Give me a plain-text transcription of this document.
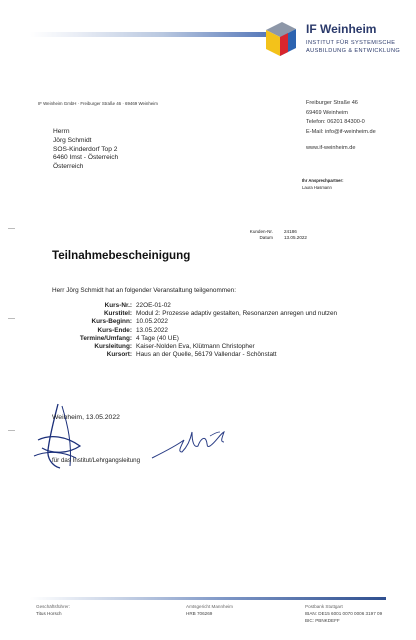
IF Weinheim
INSTITUT FÜR SYSTEMISCHE
AUSBILDUNG & ENTWICKLUNG
IF Weinheim GmbH · Freiburger Straße 46 · 69469 Weinheim
Herrn
Jörg Schmidt
SOS-Kinderdorf Top 2
6460 Imst - Österreich
Österreich
Freiburger Straße 46
69469 Weinheim
Telefon: 06201 84300-0
E-Mail: info@if-weinheim.de
www.if-weinheim.de
Ihr Ansprechpartner:
Laura Hasmann
Kunden-Nr. 24186
Datum 13.05.2022
Teilnahmebescheinigung
Herr Jörg Schmidt hat an folgender Veranstaltung teilgenommen:
Kurs-Nr.: 22OE-01-02
Kurstitel: Modul 2: Prozesse adaptiv gestalten, Resonanzen anregen und nutzen
Kurs-Beginn: 10.05.2022
Kurs-Ende: 13.05.2022
Termine/Umfang: 4 Tage (40 UE)
Kursleitung: Kaiser-Nolden Eva, Klütmann Christopher
Kursort: Haus an der Quelle, 56179 Vallendar - Schönstatt
Weinheim, 13.05.2022
für das Institut/Lehrgangsleitung
Geschäftsführer:
Titus Horsch
Amtsgericht Mannheim
HRB 706269
Postbank Stuttgart
IBAN: DE15 6001 0070 0006 3197 09
BIC: PBNKDEFF
